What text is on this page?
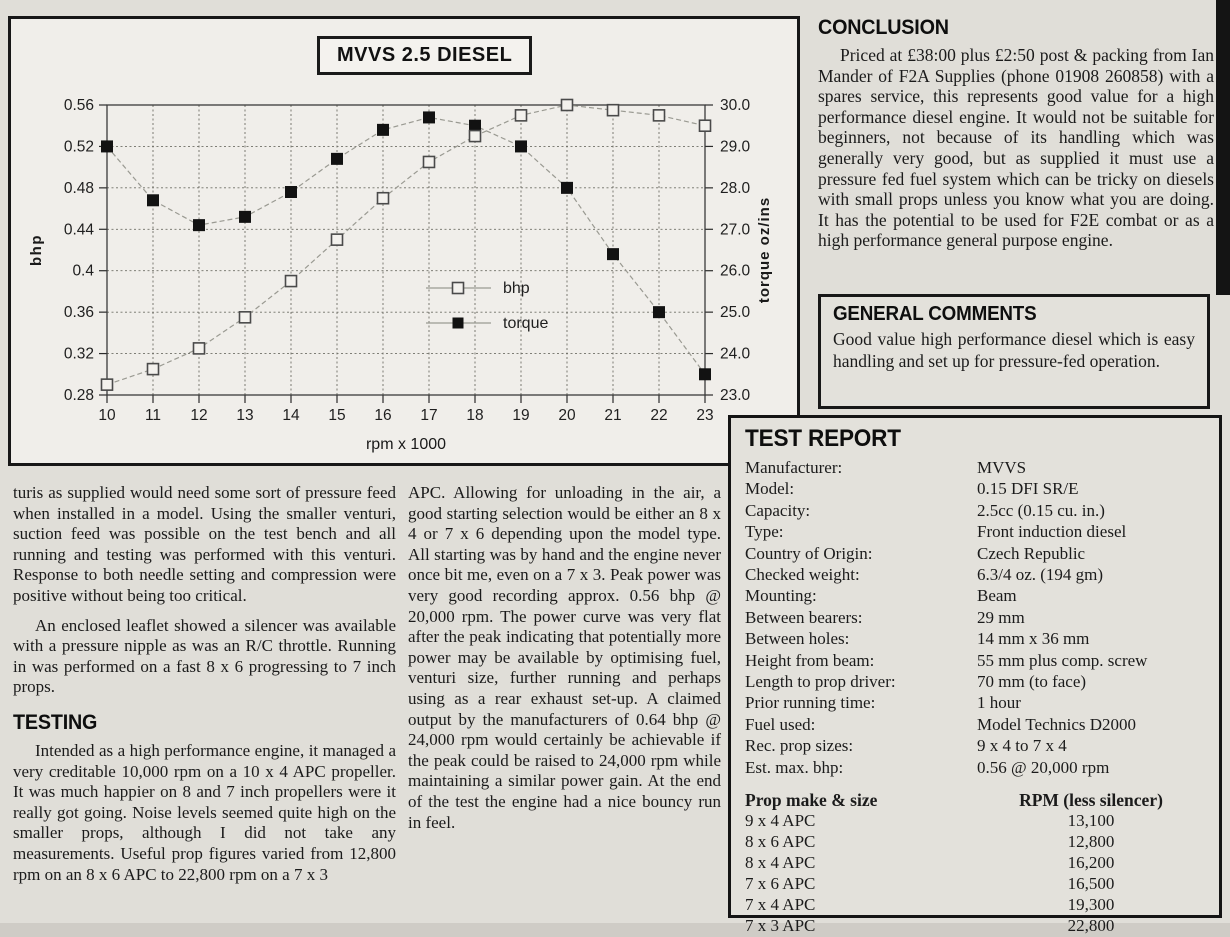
0.28	23.0
0.32	24.0
0.36	25.0
0.4	26.0
0.44	27.0
0.48	28.0
0.52	29.0
0.56	30.0
10 11 12 13 14 15 16 17 18 19 20 21 22 23
bhp	torque oz/ins
rpm x 1000
bhp
torque
MVVS 2.5 DIESEL

turis as supplied would need some sort of pressure feed when installed in a model. Using the smaller venturi, suction feed was possible on the test bench and all running and testing was performed with this venturi. Response to both needle setting and compression were positive without being too critical.

An enclosed leaflet showed a silencer was available with a pressure nipple as was an R/C throttle. Running in was performed on a fast 8 x 6 progressing to 7 inch props.

TESTING

Intended as a high performance engine, it managed a very creditable 10,000 rpm on a 10 x 4 APC propeller. It was much happier on 8 and 7 inch propellers were it really got going. Noise levels seemed quite high on the smaller props, although I did not take any measurements. Useful prop figures varied from 12,800 rpm on an 8 x 6 APC to 22,800 rpm on a 7 x 3

APC. Allowing for unloading in the air, a good starting selection would be either an 8 x 4 or 7 x 6 depending upon the model type. All starting was by hand and the engine never once bit me, even on a 7 x 3. Peak power was very good recording approx. 0.56 bhp @ 20,000 rpm. The power curve was very flat after the peak indicating that potentially more power may be available by optimising fuel, venturi size, further running and perhaps using as a rear exhaust set-up. A claimed output by the manufacturers of 0.64 bhp @ 24,000 rpm would certainly be achievable if the peak could be raised to 24,000 rpm while maintaining a similar power gain. At the end of the test the engine had a nice bouncy run in feel.

CONCLUSION

Priced at £38:00 plus £2:50 post & packing from Ian Mander of F2A Supplies (phone 01908 260858) with a spares service, this represents good value for a high performance diesel engine. It would not be suitable for beginners, not because of its handling which was generally very good, but as supplied it must use a pressure fed fuel system which can be tricky on diesels with small props unless you know what you are doing. It has the potential to be used for F2E combat or as a high performance general purpose engine.

GENERAL COMMENTS

Good value high performance diesel which is easy handling and set up for pressure-fed operation.

TEST REPORT
Manufacturer:	MVVS
Model:	0.15 DFI SR/E
Capacity:	2.5cc (0.15 cu. in.)
Type:	Front induction diesel
Country of Origin:	Czech Republic
Checked weight:	6.3/4 oz. (194 gm)
Mounting:	Beam
Between bearers:	29 mm
Between holes:	14 mm x 36 mm
Height from beam:	55 mm plus comp. screw
Length to prop driver:	70 mm (to face)
Prior running time:	1 hour
Fuel used:	Model Technics D2000
Rec. prop sizes:	9 x 4 to 7 x 4
Est. max. bhp:	0.56 @ 20,000 rpm
Prop make & size	RPM (less silencer)
9 x 4 APC	13,100
8 x 6 APC	12,800
8 x 4 APC	16,200
7 x 6 APC	16,500
7 x 4 APC	19,300
7 x 3 APC	22,800
